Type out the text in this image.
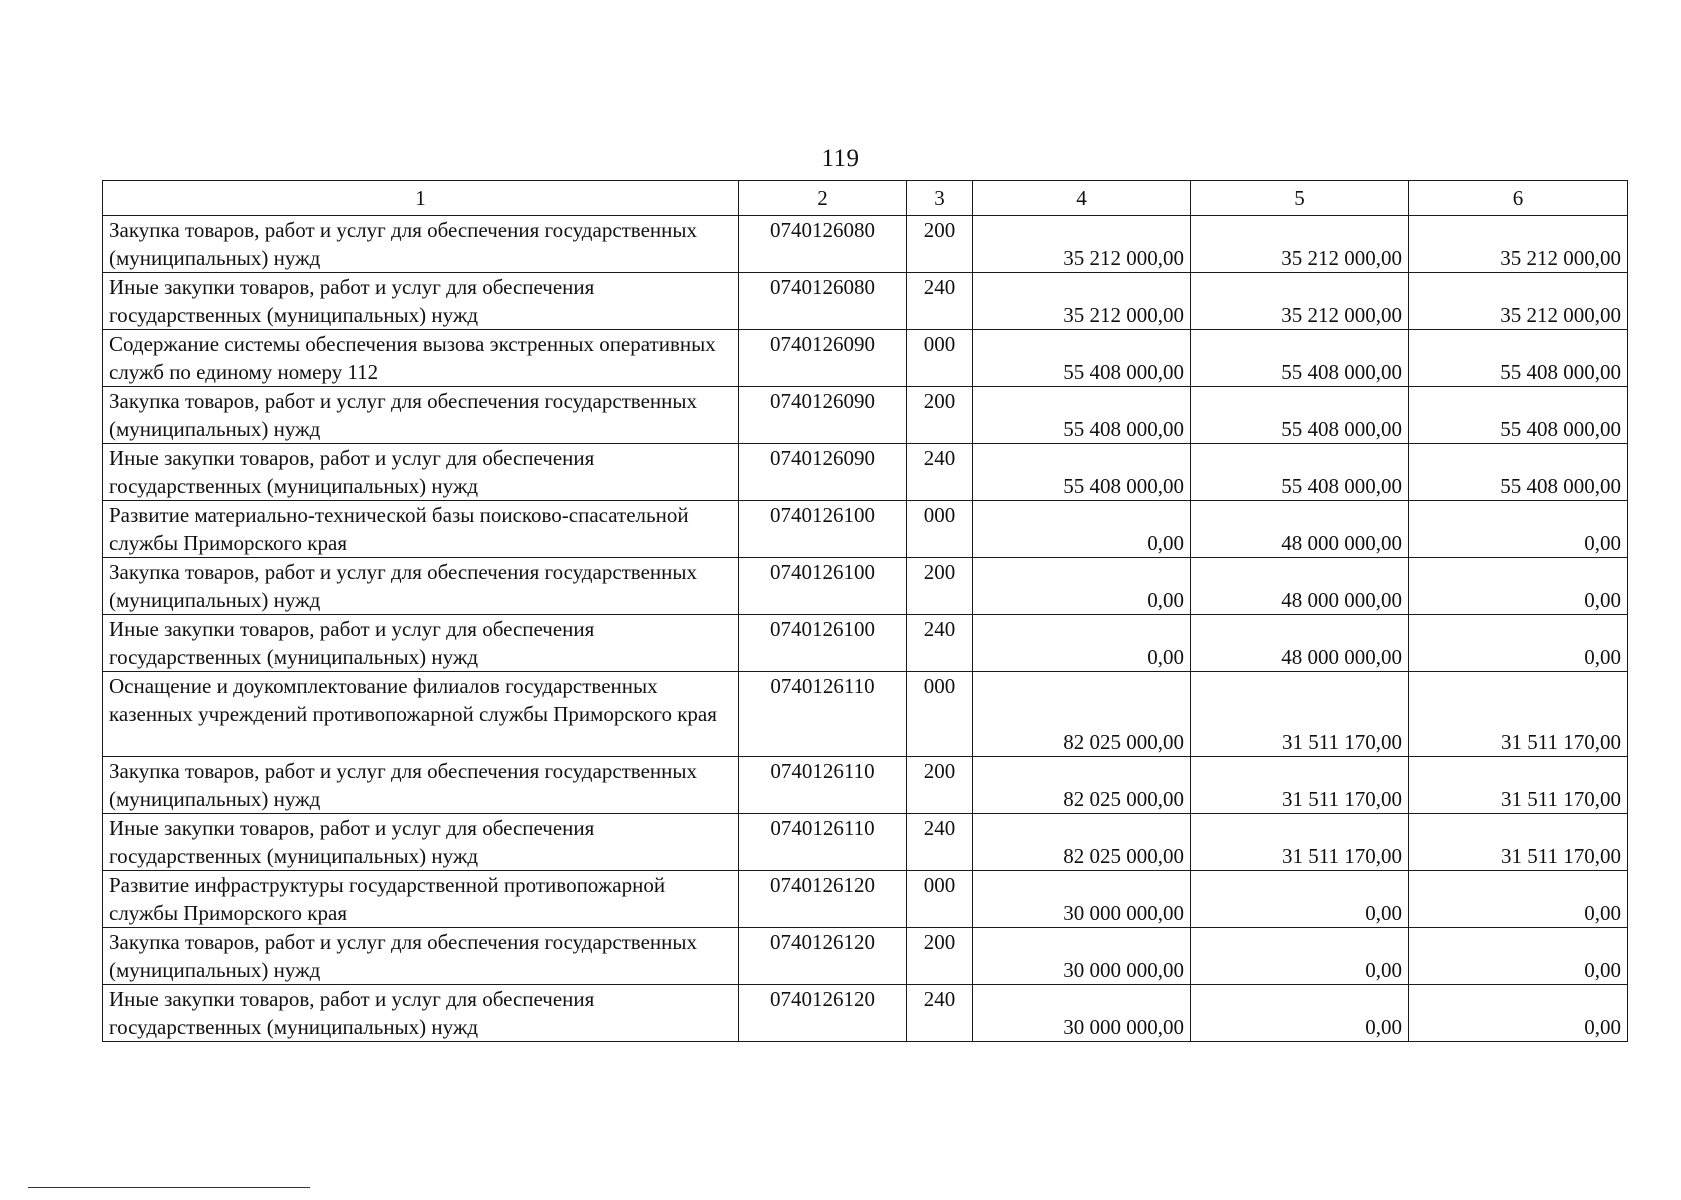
119
1	2	3	4	5	6
Закупка товаров, работ и услуг для обеспечения государственных (муниципальных) нужд	0740126080	200	35 212 000,00	35 212 000,00	35 212 000,00
Иные закупки товаров, работ и услуг для обеспечения государственных (муниципальных) нужд	0740126080	240	35 212 000,00	35 212 000,00	35 212 000,00
Содержание системы обеспечения вызова экстренных оперативных служб по единому номеру 112	0740126090	000	55 408 000,00	55 408 000,00	55 408 000,00
Закупка товаров, работ и услуг для обеспечения государственных (муниципальных) нужд	0740126090	200	55 408 000,00	55 408 000,00	55 408 000,00
Иные закупки товаров, работ и услуг для обеспечения государственных (муниципальных) нужд	0740126090	240	55 408 000,00	55 408 000,00	55 408 000,00
Развитие материально-технической базы поисково-спасательной службы Приморского края	0740126100	000	0,00	48 000 000,00	0,00
Закупка товаров, работ и услуг для обеспечения государственных (муниципальных) нужд	0740126100	200	0,00	48 000 000,00	0,00
Иные закупки товаров, работ и услуг для обеспечения государственных (муниципальных) нужд	0740126100	240	0,00	48 000 000,00	0,00
Оснащение и доукомплектование филиалов государственных казенных учреждений противопожарной службы Приморского края	0740126110	000	82 025 000,00	31 511 170,00	31 511 170,00
Закупка товаров, работ и услуг для обеспечения государственных (муниципальных) нужд	0740126110	200	82 025 000,00	31 511 170,00	31 511 170,00
Иные закупки товаров, работ и услуг для обеспечения государственных (муниципальных) нужд	0740126110	240	82 025 000,00	31 511 170,00	31 511 170,00
Развитие инфраструктуры государственной противопожарной службы Приморского края	0740126120	000	30 000 000,00	0,00	0,00
Закупка товаров, работ и услуг для обеспечения государственных (муниципальных) нужд	0740126120	200	30 000 000,00	0,00	0,00
Иные закупки товаров, работ и услуг для обеспечения государственных (муниципальных) нужд	0740126120	240	30 000 000,00	0,00	0,00
